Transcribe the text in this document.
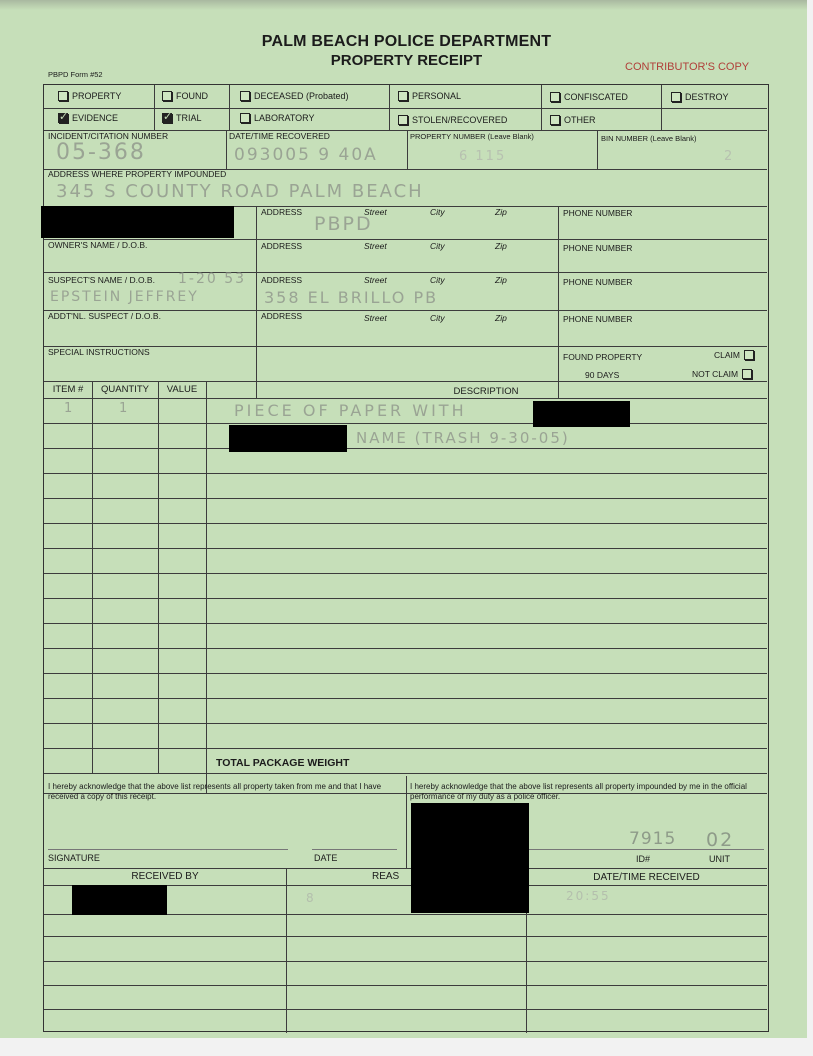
PALM BEACH POLICE DEPARTMENT
PROPERTY RECEIPT	CONTRIBUTOR'S COPY
PBPD Form #52
PROPERTY	FOUND	DECEASED (Probated)	PERSONAL	CONFISCATED	DESTROY
✓
EVIDENCE
✓	TRIAL	LABORATORY	STOLEN/RECOVERED	OTHER
INCIDENT/CITATION NUMBER	DATE/TIME RECOVERED	PROPERTY NUMBER (Leave Blank)	BIN NUMBER (Leave Blank)
05-368	093005 9 40A	6 115	2
ADDRESS WHERE PROPERTY IMPOUNDED
345 S COUNTY ROAD PALM BEACH
ADDRESS	Street	City	Zip	PHONE NUMBER
PBPD
OWNER'S NAME / D.O.B.	ADDRESS	Street	City	Zip	PHONE NUMBER
SUSPECT'S NAME / D.O.B. 1-20 53 ADDRESS	Street	City	Zip	PHONE NUMBER
EPSTEIN JEFFREY	358 EL BRILLO PB
ADDT'NL. SUSPECT / D.O.B.	ADDRESS	Street	City	Zip	PHONE NUMBER
SPECIAL INSTRUCTIONS	FOUND PROPERTY
90 DAYS
CLAIM
NOT CLAIM
ITEM #	QUANTITY	VALUE	DESCRIPTION
1	1	PIECE OF PAPER WITH
NAME (TRASH 9-30-05)
TOTAL PACKAGE WEIGHT
I hereby acknowledge that the above list represents all property taken from me and that I have received a copy of this receipt.
I hereby acknowledge that the above list represents all property impounded by me in the official performance of my duty as a police officer.
SIGNATURE	DATE	ID#	UNIT
7915 02
RECEIVED BY	REAS	DATE/TIME RECEIVED
8	20:55
